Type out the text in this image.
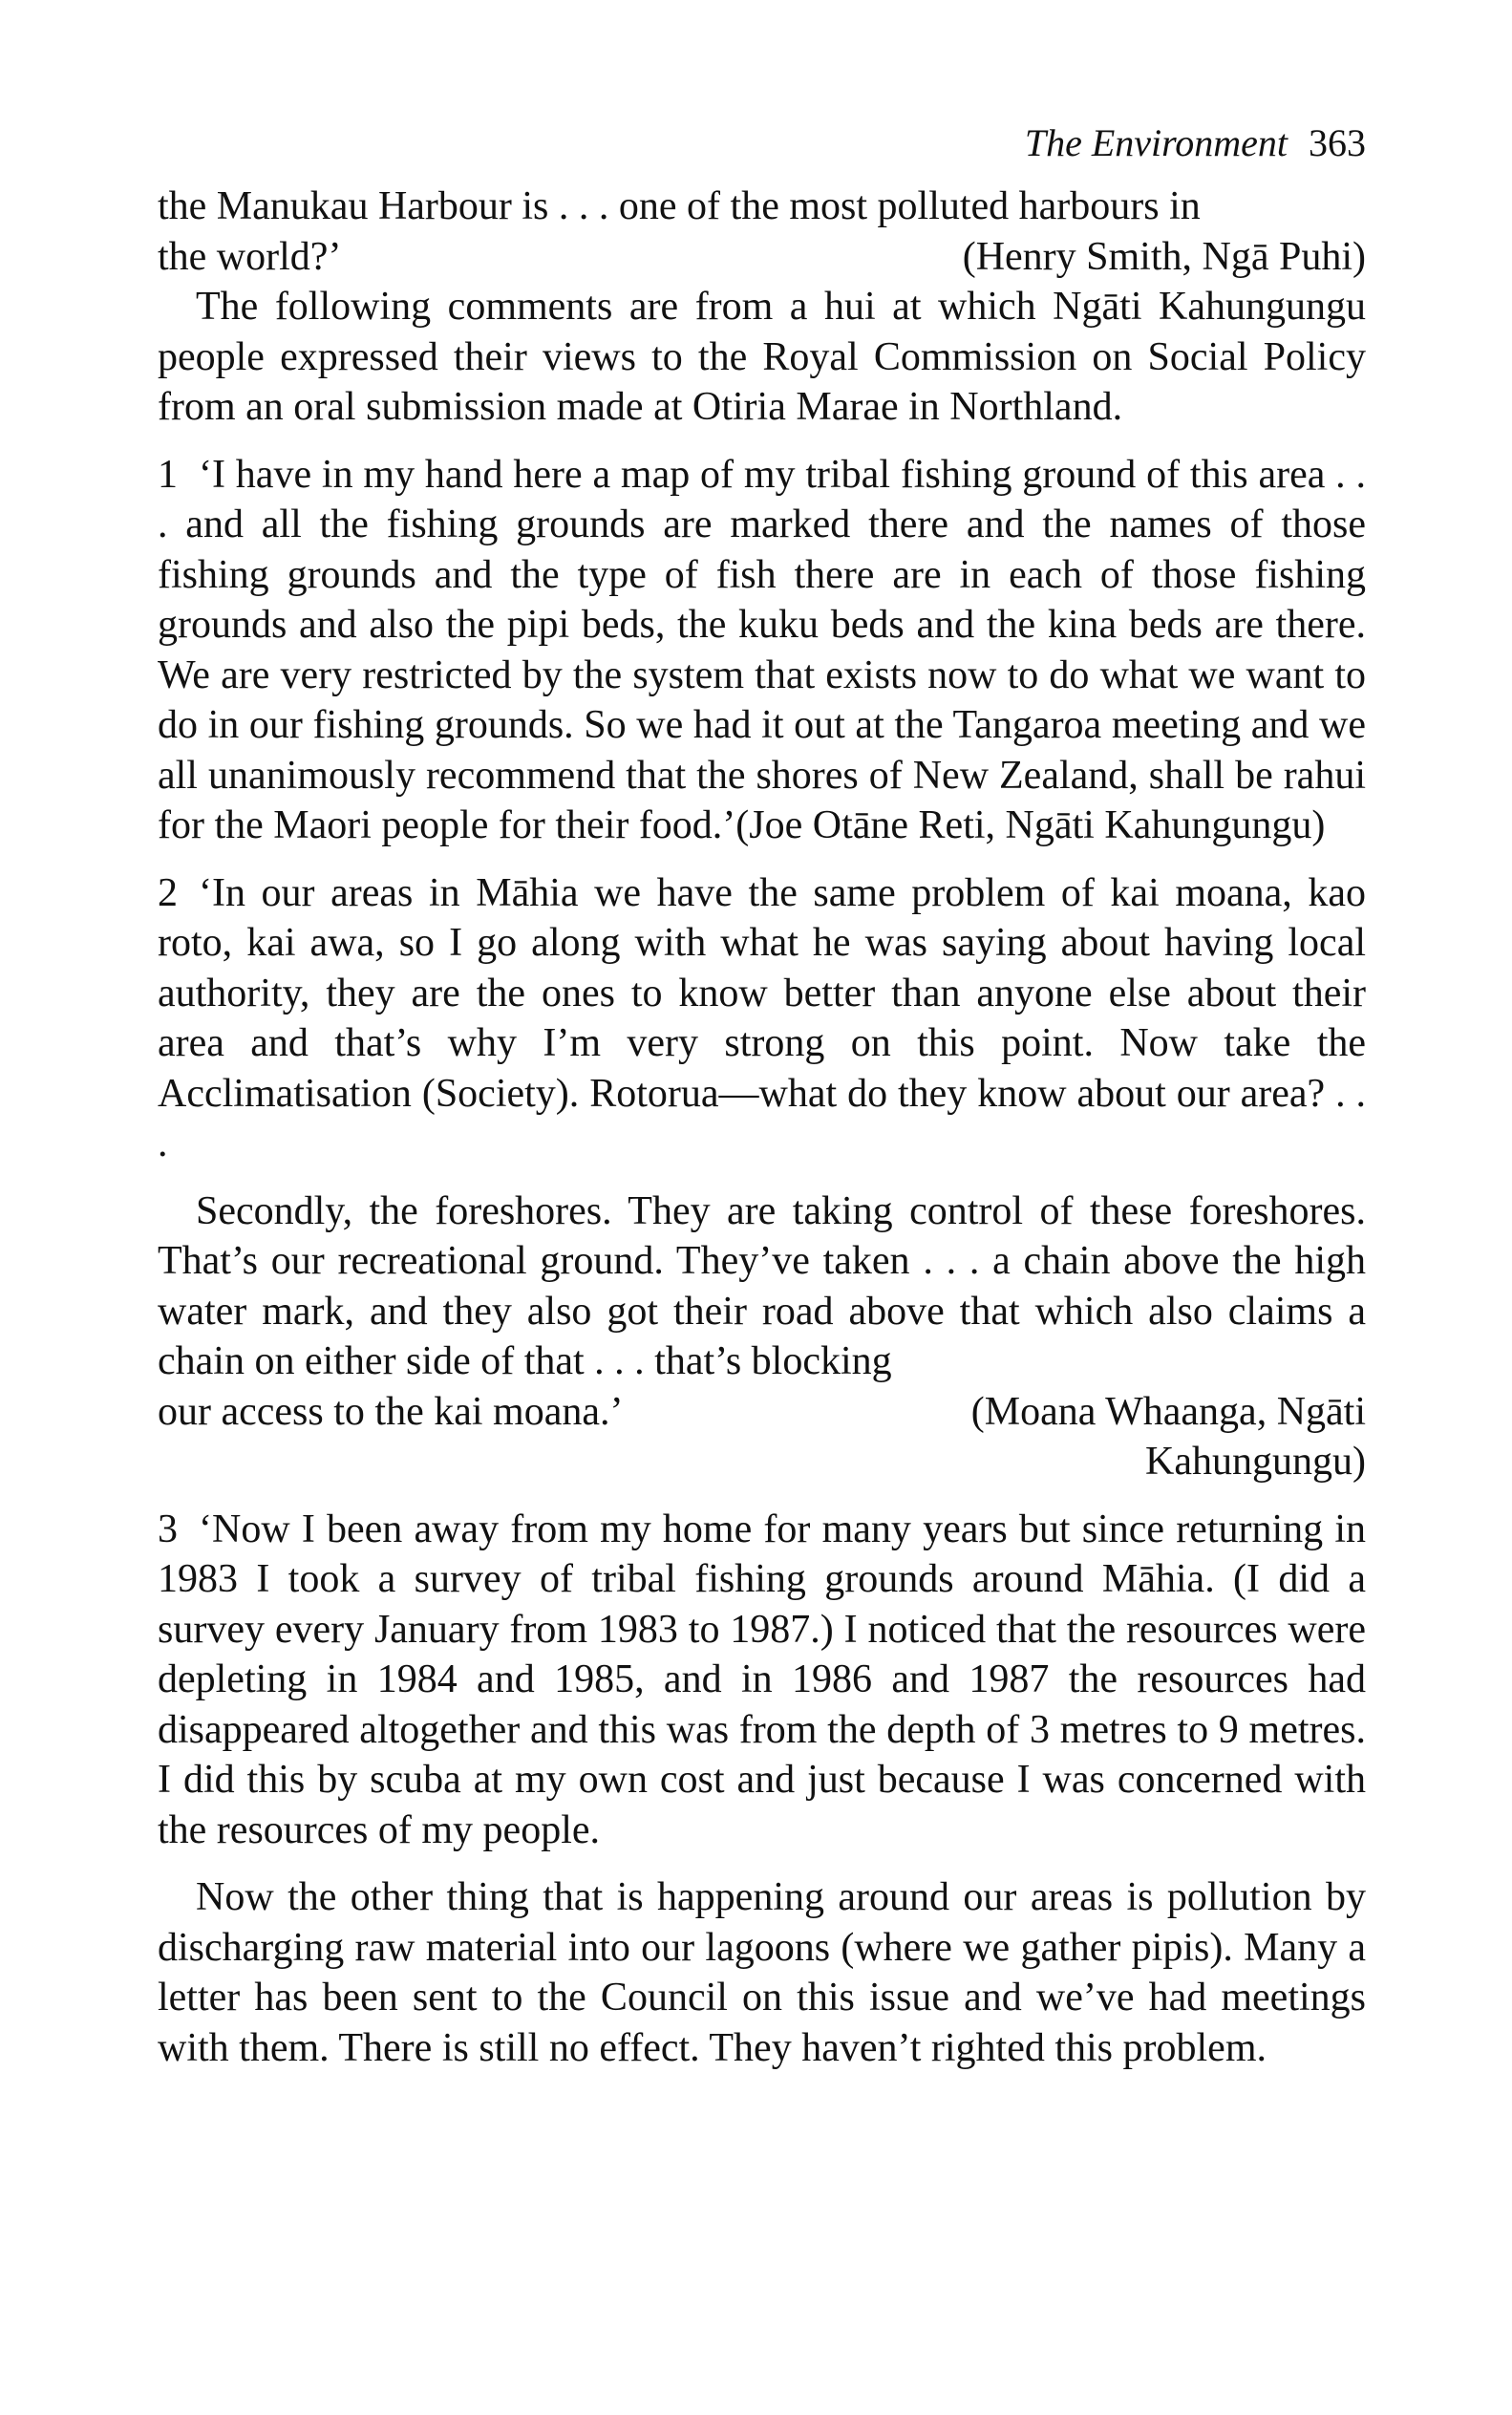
The Environment 363

the Manukau Harbour is . . . one of the most polluted harbours in

the world?’	(Henry Smith, Ngā Puhi)

The following comments are from a hui at which Ngāti Kahungungu people expressed their views to the Royal Commission on Social Policy from an oral submission made at Otiria Marae in Northland.

1 ‘I have in my hand here a map of my tribal fishing ground of this area . . . and all the fishing grounds are marked there and the names of those fishing grounds and the type of fish there are in each of those fishing grounds and also the pipi beds, the kuku beds and the kina beds are there. We are very restricted by the system that exists now to do what we want to do in our fishing grounds. So we had it out at the Tangaroa meeting and we all unanimously recommend that the shores of New Zealand, shall be rahui for the Maori people for their food.’(Joe Otāne Reti, Ngāti Kahungungu)

2 ‘In our areas in Māhia we have the same problem of kai moana, kao roto, kai awa, so I go along with what he was saying about having local authority, they are the ones to know better than anyone else about their area and that’s why I’m very strong on this point. Now take the Acclimatisation (Society). Rotorua—what do they know about our area? . . .

Secondly, the foreshores. They are taking control of these foreshores. That’s our recreational ground. They’ve taken . . . a chain above the high water mark, and they also got their road above that which also claims a chain on either side of that . . . that’s blocking

our access to the kai moana.’	(Moana Whaanga, Ngāti
Kahungungu)

3 ‘Now I been away from my home for many years but since returning in 1983 I took a survey of tribal fishing grounds around Māhia. (I did a survey every January from 1983 to 1987.) I noticed that the resources were depleting in 1984 and 1985, and in 1986 and 1987 the resources had disappeared altogether and this was from the depth of 3 metres to 9 metres. I did this by scuba at my own cost and just because I was concerned with the resources of my people.

Now the other thing that is happening around our areas is pollution by discharging raw material into our lagoons (where we gather pipis). Many a letter has been sent to the Council on this issue and we’ve had meetings with them. There is still no effect. They haven’t righted this problem.
